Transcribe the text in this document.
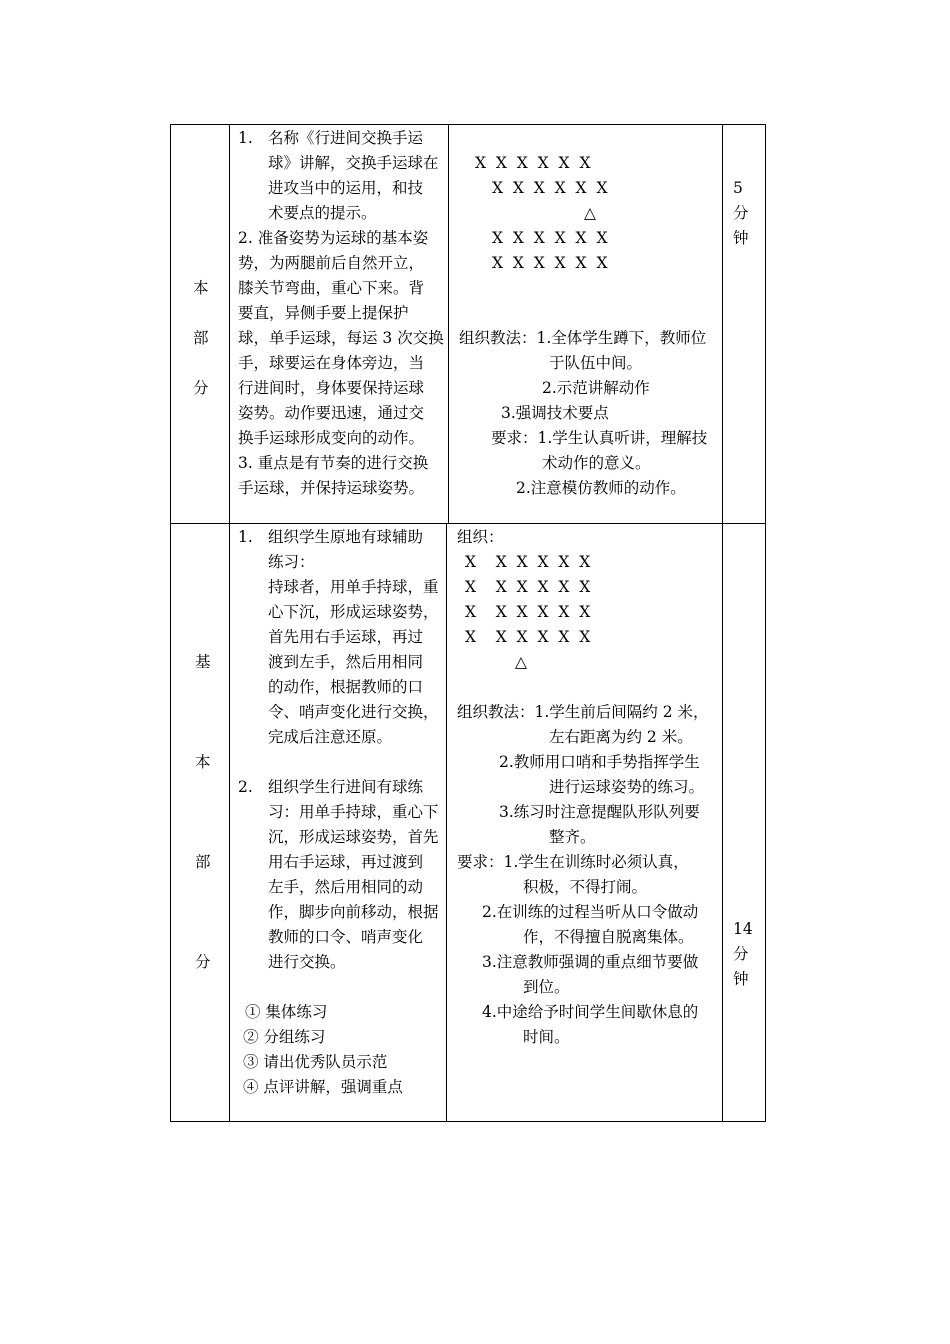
本
部
分
1. 名称《行进间交换手运
球》讲解，交换手运球在
进攻当中的运用，和技
术要点的提示。
2. 准备姿势为运球的基本姿
势，为两腿前后自然开立，
膝关节弯曲，重心下来。背
要直，异侧手要上提保护
球，单手运球，每运 3 次交换
手，球要运在身体旁边，当
行进间时，身体要保持运球
姿势。动作要迅速，通过交
换手运球形成变向的动作。
3. 重点是有节奏的进行交换
手运球，并保持运球姿势。
X  X  X  X  X  X
X  X  X  X  X  X
△
X  X  X  X  X  X
X  X  X  X  X  X
组织教法：1.全体学生蹲下，教师位
于队伍中间。
2.示范讲解动作
3.强调技术要点
要求：1.学生认真听讲，理解技
术动作的意义。
2.注意模仿教师的动作。
5
分
钟
基
本
部
分
1. 组织学生原地有球辅助
练习：
持球者，用单手持球，重
心下沉，形成运球姿势，
首先用右手运球，再过
渡到左手，然后用相同
的动作，根据教师的口
令、哨声变化进行交换，
完成后注意还原。
2. 组织学生行进间有球练
习：用单手持球，重心下
沉，形成运球姿势，首先
用右手运球，再过渡到
左手，然后用相同的动
作，脚步向前移动，根据
教师的口令、哨声变化
进行交换。
① 集体练习
② 分组练习
③ 请出优秀队员示范
④ 点评讲解，强调重点
组织：
X    X  X  X  X  X
X    X  X  X  X  X
X    X  X  X  X  X
X    X  X  X  X  X
△
组织教法：1.学生前后间隔约 2 米，
左右距离为约 2 米。
2.教师用口哨和手势指挥学生
进行运球姿势的练习。
3.练习时注意提醒队形队列要
整齐。
要求：1.学生在训练时必须认真，
积极，不得打闹。
2.在训练的过程当听从口令做动
作，不得擅自脱离集体。
3.注意教师强调的重点细节要做
到位。
4.中途给予时间学生间歇休息的
时间。
14
分
钟
